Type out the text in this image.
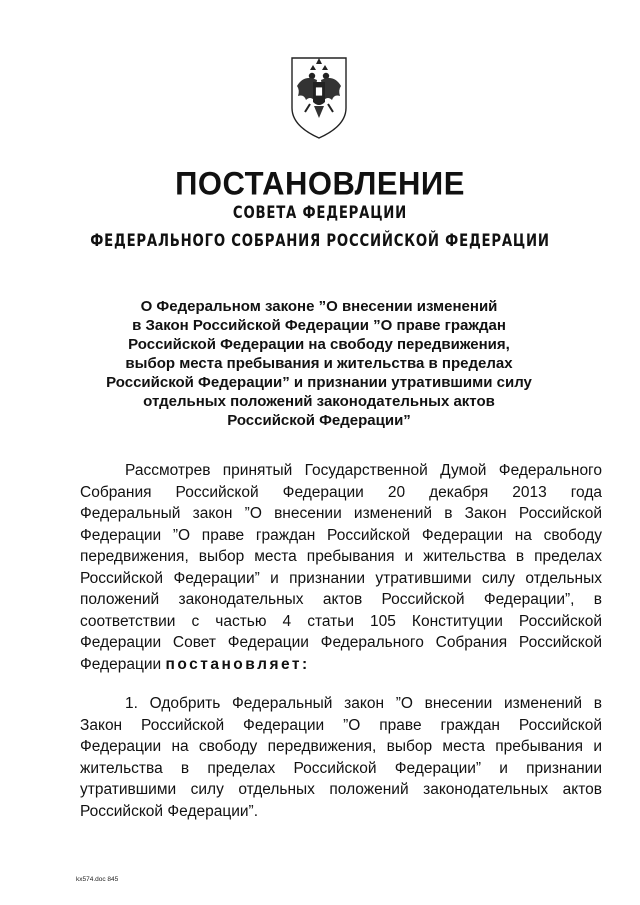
ПОСТАНОВЛЕНИЕ
СОВЕТА ФЕДЕРАЦИИ
ФЕДЕРАЛЬНОГО СОБРАНИЯ РОССИЙСКОЙ ФЕДЕРАЦИИ
О Федеральном законе ”О внесении изменений
в Закон Российской Федерации ”О праве граждан
Российской Федерации на свободу передвижения,
выбор места пребывания и жительства в пределах
Российской Федерации” и признании утратившими силу
отдельных положений законодательных актов
Российской Федерации”
Рассмотрев принятый Государственной Думой Федерального
Собрания Российской Федерации 20 декабря 2013 года
Федеральный закон ”О внесении изменений в Закон Российской
Федерации ”О праве граждан Российской Федерации на свободу
передвижения, выбор места пребывания и жительства в пределах
Российской Федерации” и признании утратившими силу отдельных
положений законодательных актов Российской Федерации”, в
соответствии с частью 4 статьи 105 Конституции Российской
Федерации Совет Федерации Федерального Собрания Российской
Федерации постановляет:
1. Одобрить Федеральный закон ”О внесении изменений в
Закон Российской Федерации ”О праве граждан Российской
Федерации на свободу передвижения, выбор места пребывания и
жительства в пределах Российской Федерации” и признании
утратившими силу отдельных положений законодательных актов
Российской Федерации”.
kx574.doc 845
